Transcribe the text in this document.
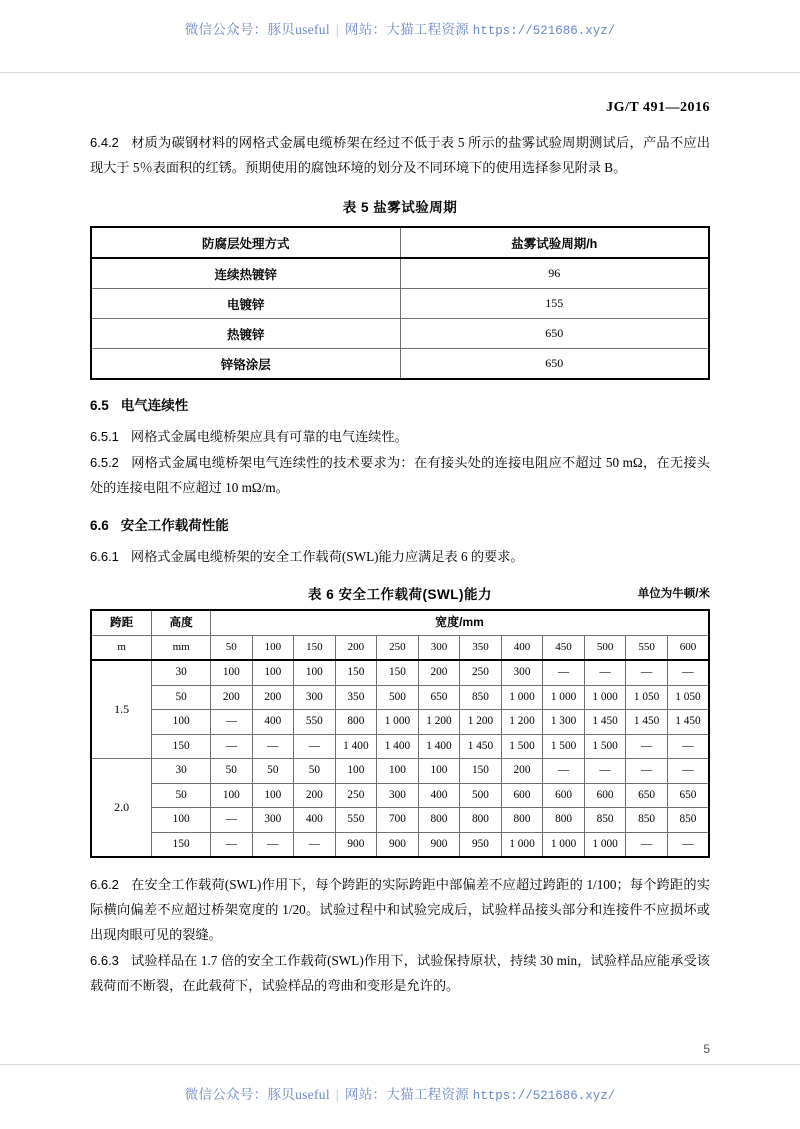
微信公众号：豚贝useful | 网站：大猫工程资源 https://521686.xyz/
JG/T 491—2016

6.4.2 材质为碳钢材料的网格式金属电缆桥架在经过不低于表 5 所示的盐雾试验周期测试后，产品不应出现大于 5％表面积的红锈。预期使用的腐蚀环境的划分及不同环境下的使用选择参见附录 B。

表 5 盐雾试验周期
防腐层处理方式	盐雾试验周期/h
连续热镀锌	96
电镀锌	155
热镀锌	650
锌铬涂层	650
6.5 电气连续性

6.5.1 网格式金属电缆桥架应具有可靠的电气连续性。

6.5.2 网格式金属电缆桥架电气连续性的技术要求为：在有接头处的连接电阻应不超过 50 mΩ，在无接头处的连接电阻不应超过 10 mΩ/m。

6.6 安全工作载荷性能

6.6.1 网格式金属电缆桥架的安全工作载荷(SWL)能力应满足表 6 的要求。

表 6 安全工作载荷(SWL)能力	单位为牛顿/米
跨距	高度	宽度/mm											
m	mm	50	100	150	200	250	300	350	400	450	500	550	600
1.5	30	100	100	100	150	150	200	250	300	—	—	—	—
	50	200	200	300	350	500	650	850	1 000	1 000	1 000	1 050	1 050
	100	—	400	550	800	1 000	1 200	1 200	1 200	1 300	1 450	1 450	1 450
	150	—	—	—	1 400	1 400	1 400	1 450	1 500	1 500	1 500	—	—
2.0	30	50	50	50	100	100	100	150	200	—	—	—	—
	50	100	100	200	250	300	400	500	600	600	600	650	650
	100	—	300	400	550	700	800	800	800	800	850	850	850
	150	—	—	—	900	900	900	950	1 000	1 000	1 000	—	—

6.6.2 在安全工作载荷(SWL)作用下，每个跨距的实际跨距中部偏差不应超过跨距的 1/100；每个跨距的实际横向偏差不应超过桥架宽度的 1/20。试验过程中和试验完成后，试验样品接头部分和连接件不应损坏或出现肉眼可见的裂缝。

6.6.3 试验样品在 1.7 倍的安全工作载荷(SWL)作用下，试验保持原状，持续 30 min，试验样品应能承受该载荷而不断裂，在此载荷下，试验样品的弯曲和变形是允许的。

5
微信公众号：豚贝useful | 网站：大猫工程资源 https://521686.xyz/
